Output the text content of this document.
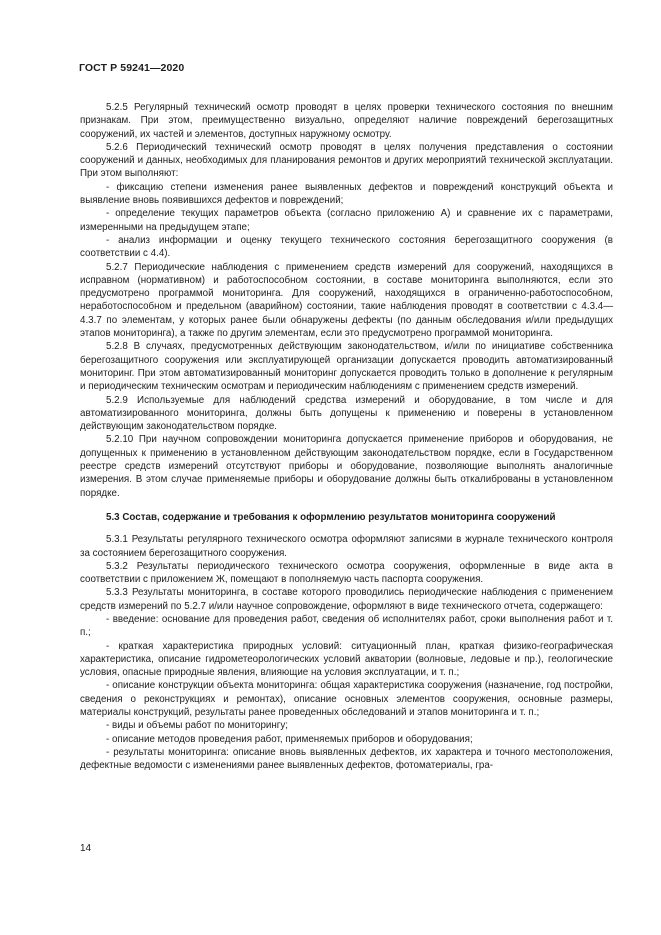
ГОСТ Р 59241—2020

5.2.5 Регулярный технический осмотр проводят в целях проверки технического состояния по внешним признакам. При этом, преимущественно визуально, определяют наличие повреждений берегозащитных сооружений, их частей и элементов, доступных наружному осмотру.

5.2.6 Периодический технический осмотр проводят в целях получения представления о состоянии сооружений и данных, необходимых для планирования ремонтов и других мероприятий технической эксплуатации. При этом выполняют:

- фиксацию степени изменения ранее выявленных дефектов и повреждений конструкций объекта и выявление вновь появившихся дефектов и повреждений;

- определение текущих параметров объекта (согласно приложению А) и сравнение их с параметрами, измеренными на предыдущем этапе;

- анализ информации и оценку текущего технического состояния берегозащитного сооружения (в соответствии с 4.4).

5.2.7 Периодические наблюдения с применением средств измерений для сооружений, находящихся в исправном (нормативном) и работоспособном состоянии, в составе мониторинга выполняются, если это предусмотрено программой мониторинга. Для сооружений, находящихся в ограниченно-работоспособном, неработоспособном и предельном (аварийном) состоянии, такие наблюдения проводят в соответствии с 4.3.4—4.3.7 по элементам, у которых ранее были обнаружены дефекты (по данным обследования и/или предыдущих этапов мониторинга), а также по другим элементам, если это предусмотрено программой мониторинга.

5.2.8 В случаях, предусмотренных действующим законодательством, и/или по инициативе собственника берегозащитного сооружения или эксплуатирующей организации допускается проводить автоматизированный мониторинг. При этом автоматизированный мониторинг допускается проводить только в дополнение к регулярным и периодическим техническим осмотрам и периодическим наблюдениям с применением средств измерений.

5.2.9 Используемые для наблюдений средства измерений и оборудование, в том числе и для автоматизированного мониторинга, должны быть допущены к применению и поверены в установленном действующим законодательством порядке.

5.2.10 При научном сопровождении мониторинга допускается применение приборов и оборудования, не допущенных к применению в установленном действующим законодательством порядке, если в Государственном реестре средств измерений отсутствуют приборы и оборудование, позволяющие выполнять аналогичные измерения. В этом случае применяемые приборы и оборудование должны быть откалиброваны в установленном порядке.

5.3 Состав, содержание и требования к оформлению результатов мониторинга сооружений

5.3.1 Результаты регулярного технического осмотра оформляют записями в журнале технического контроля за состоянием берегозащитного сооружения.

5.3.2 Результаты периодического технического осмотра сооружения, оформленные в виде акта в соответствии с приложением Ж, помещают в пополняемую часть паспорта сооружения.

5.3.3 Результаты мониторинга, в составе которого проводились периодические наблюдения с применением средств измерений по 5.2.7 и/или научное сопровождение, оформляют в виде технического отчета, содержащего:

- введение: основание для проведения работ, сведения об исполнителях работ, сроки выполнения работ и т. п.;

- краткая характеристика природных условий: ситуационный план, краткая физико-географическая характеристика, описание гидрометеорологических условий акватории (волновые, ледовые и пр.), геологические условия, опасные природные явления, влияющие на условия эксплуатации, и т. п.;

- описание конструкции объекта мониторинга: общая характеристика сооружения (назначение, год постройки, сведения о реконструкциях и ремонтах), описание основных элементов сооружения, основные размеры, материалы конструкций, результаты ранее проведенных обследований и этапов мониторинга и т. п.;

- виды и объемы работ по мониторингу;

- описание методов проведения работ, применяемых приборов и оборудования;

- результаты мониторинга: описание вновь выявленных дефектов, их характера и точного местоположения, дефектные ведомости с изменениями ранее выявленных дефектов, фотоматериалы, гра-

14
